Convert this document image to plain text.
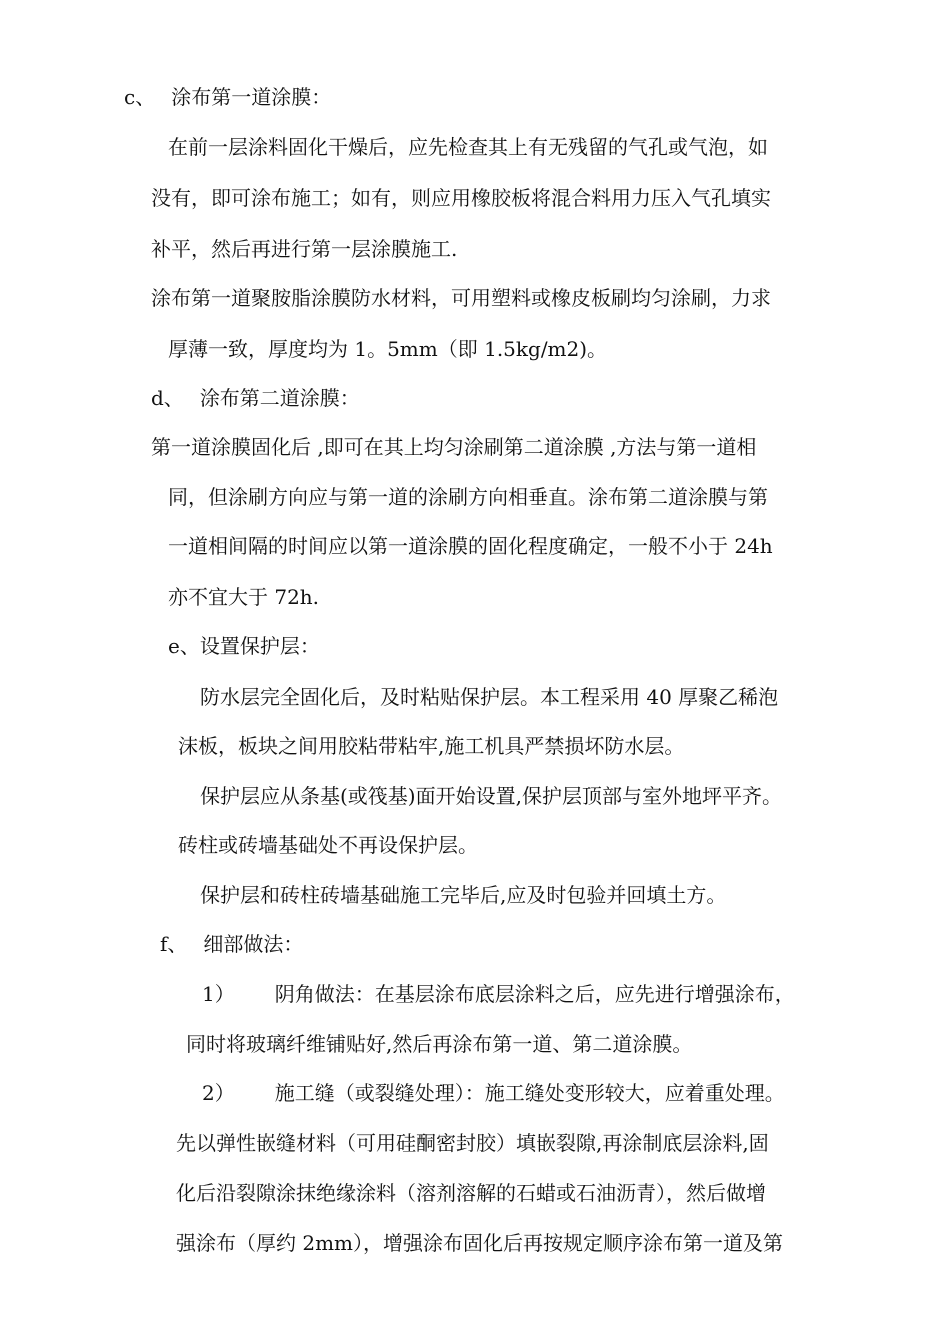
c、 涂布第一道涂膜：
在前一层涂料固化干燥后，应先检查其上有无残留的气孔或气泡，如
没有，即可涂布施工；如有，则应用橡胶板将混合料用力压入气孔填实
补平，然后再进行第一层涂膜施工.
涂布第一道聚胺脂涂膜防水材料，可用塑料或橡皮板刷均匀涂刷，力求
厚薄一致，厚度均为 1。5mm（即 1.5kg/m2)。
d、 涂布第二道涂膜：
第一道涂膜固化后 ,即可在其上均匀涂刷第二道涂膜 ,方法与第一道相
同，但涂刷方向应与第一道的涂刷方向相垂直。涂布第二道涂膜与第
一道相间隔的时间应以第一道涂膜的固化程度确定，一般不小于 24h
亦不宜大于 72h.
e、设置保护层：
防水层完全固化后，及时粘贴保护层。本工程采用 40 厚聚乙稀泡
沫板，板块之间用胶粘带粘牢,施工机具严禁损坏防水层。
保护层应从条基(或筏基)面开始设置,保护层顶部与室外地坪平齐。
砖柱或砖墙基础处不再设保护层。
保护层和砖柱砖墙基础施工完毕后,应及时包验并回填土方。
f、 细部做法：
1） 阴角做法：在基层涂布底层涂料之后，应先进行增强涂布，
同时将玻璃纤维铺贴好,然后再涂布第一道、第二道涂膜。
2） 施工缝（或裂缝处理）：施工缝处变形较大，应着重处理。
先以弹性嵌缝材料（可用硅酮密封胶）填嵌裂隙,再涂制底层涂料,固
化后沿裂隙涂抹绝缘涂料（溶剂溶解的石蜡或石油沥青），然后做增
强涂布（厚约 2mm），增强涂布固化后再按规定顺序涂布第一道及第
